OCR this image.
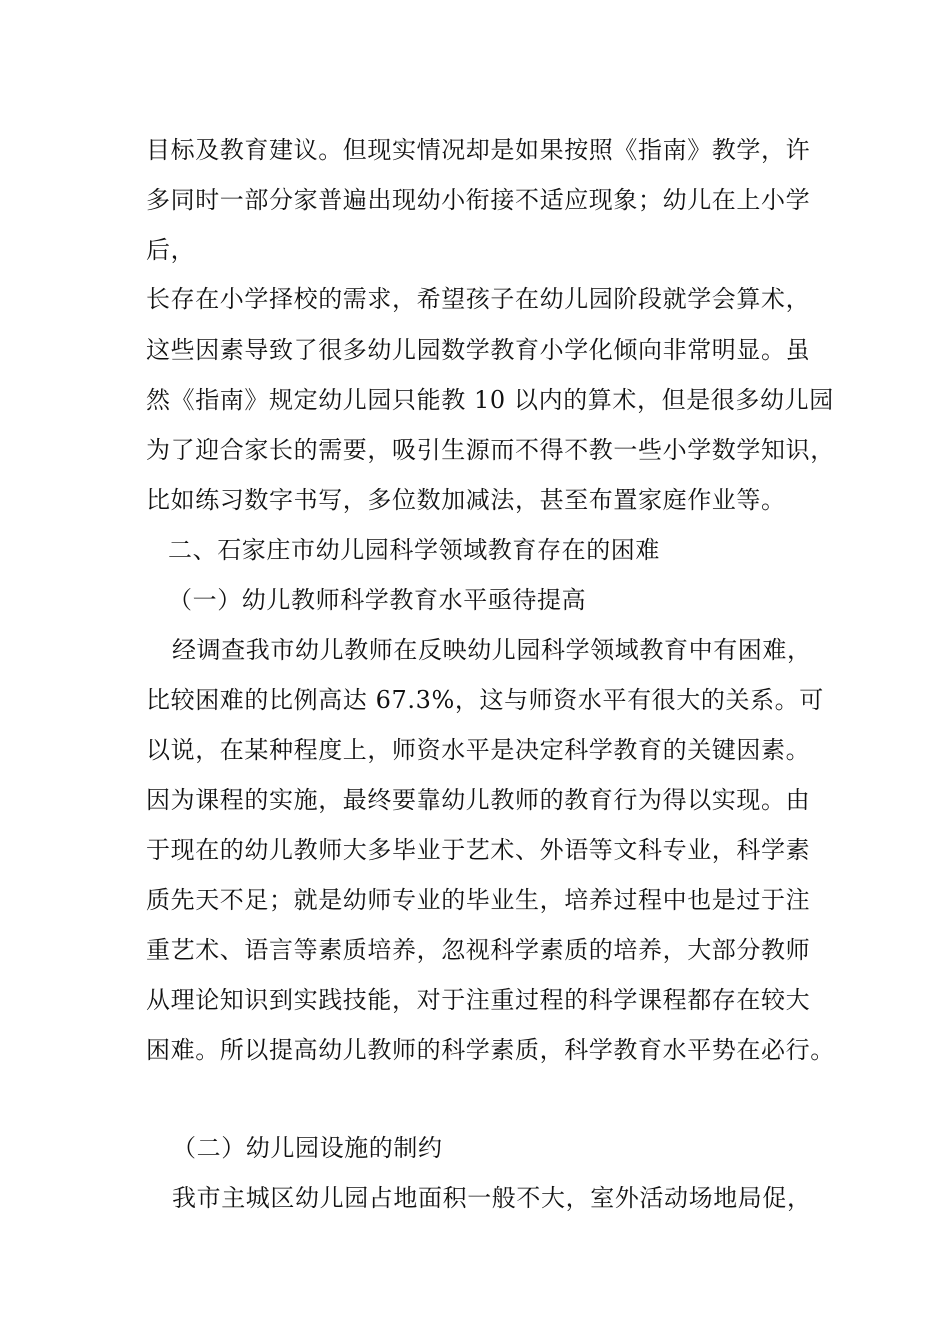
目标及教育建议。但现实情况却是如果按照《指南》教学，许
多同时一部分家普遍出现幼小衔接不适应现象；幼儿在上小学
后，
长存在小学择校的需求，希望孩子在幼儿园阶段就学会算术，
这些因素导致了很多幼儿园数学教育小学化倾向非常明显。虽
然《指南》规定幼儿园只能教 10 以内的算术，但是很多幼儿园
为了迎合家长的需要，吸引生源而不得不教一些小学数学知识，
比如练习数字书写，多位数加减法，甚至布置家庭作业等。
二、石家庄市幼儿园科学领域教育存在的困难
（一）幼儿教师科学教育水平亟待提高
经调查我市幼儿教师在反映幼儿园科学领域教育中有困难，
比较困难的比例高达 67.3%，这与师资水平有很大的关系。可
以说，在某种程度上，师资水平是决定科学教育的关键因素。
因为课程的实施，最终要靠幼儿教师的教育行为得以实现。由
于现在的幼儿教师大多毕业于艺术、外语等文科专业，科学素
质先天不足；就是幼师专业的毕业生，培养过程中也是过于注
重艺术、语言等素质培养，忽视科学素质的培养，大部分教师
从理论知识到实践技能，对于注重过程的科学课程都存在较大
困难。所以提高幼儿教师的科学素质，科学教育水平势在必行。
（二）幼儿园设施的制约
我市主城区幼儿园占地面积一般不大，室外活动场地局促，
